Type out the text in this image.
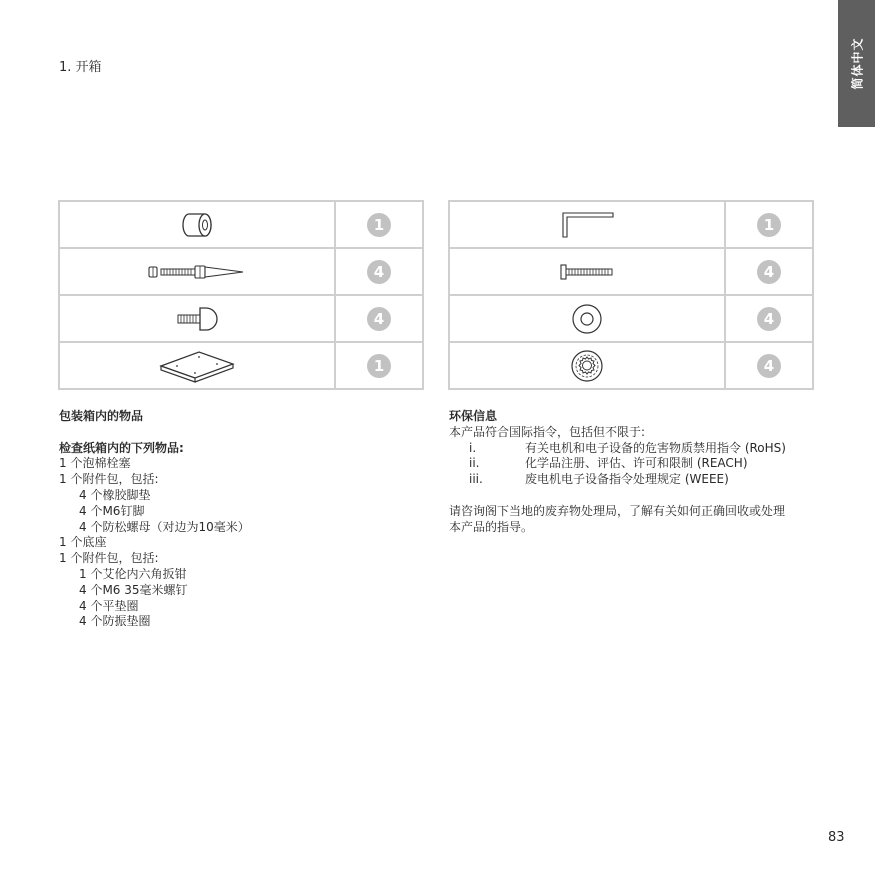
简体中文
1. 开箱
1
4
4
1
1
4
4
4
包装箱内的物品
检查纸箱内的下列物品:
1 个泡棉栓塞
1 个附件包，包括:
4 个橡胶脚垫
4 个M6钉脚
4 个防松螺母（对边为10毫米）
1 个底座
1 个附件包，包括:
1 个艾伦内六角扳钳
4 个M6 35毫米螺钉
4 个平垫圈
4 个防振垫圈
环保信息
本产品符合国际指令，包括但不限于:
i.	有关电机和电子设备的危害物质禁用指令 (RoHS)
ii.	化学品注册、评估、许可和限制 (REACH)
iii.	废电机电子设备指令处理规定 (WEEE)
请咨询阁下当地的废弃物处理局，了解有关如何正确回收或处理
本产品的指导。
83
